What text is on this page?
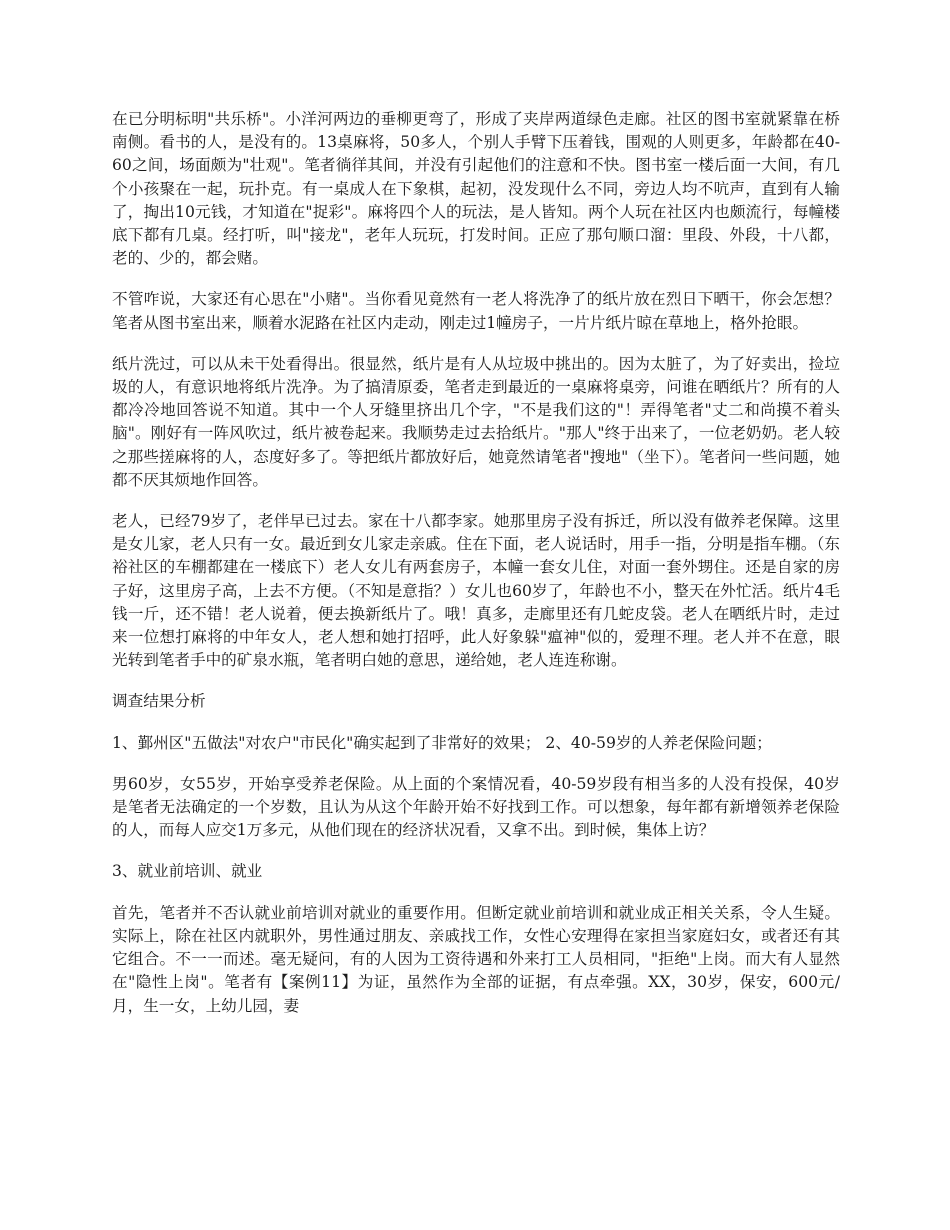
在已分明标明"共乐桥"。小洋河两边的垂柳更弯了，形成了夹岸两道绿色走廊。社区的图书室就紧靠在桥南侧。看书的人，是没有的。13桌麻将，50多人，个别人手臂下压着钱，围观的人则更多，年龄都在40-60之间，场面颇为"壮观"。笔者徜徉其间，并没有引起他们的注意和不快。图书室一楼后面一大间，有几个小孩聚在一起，玩扑克。有一桌成人在下象棋，起初，没发现什么不同，旁边人均不吭声，直到有人输了，掏出10元钱，才知道在"捉彩"。麻将四个人的玩法，是人皆知。两个人玩在社区内也颇流行，每幢楼底下都有几桌。经打听，叫"接龙"，老年人玩玩，打发时间。正应了那句顺口溜：里段、外段，十八都，老的、少的，都会赌。

不管咋说，大家还有心思在"小赌"。当你看见竟然有一老人将洗净了的纸片放在烈日下晒干，你会怎想？笔者从图书室出来，顺着水泥路在社区内走动，刚走过1幢房子，一片片纸片晾在草地上，格外抢眼。

纸片洗过，可以从未干处看得出。很显然，纸片是有人从垃圾中挑出的。因为太脏了，为了好卖出，捡垃圾的人，有意识地将纸片洗净。为了搞清原委，笔者走到最近的一桌麻将桌旁，问谁在晒纸片？所有的人都冷冷地回答说不知道。其中一个人牙缝里挤出几个字，"不是我们这的"！弄得笔者"丈二和尚摸不着头脑"。刚好有一阵风吹过，纸片被卷起来。我顺势走过去拾纸片。"那人"终于出来了，一位老奶奶。老人较之那些搓麻将的人，态度好多了。等把纸片都放好后，她竟然请笔者"搜地"（坐下）。笔者问一些问题，她都不厌其烦地作回答。

老人，已经79岁了，老伴早已过去。家在十八都李家。她那里房子没有拆迁，所以没有做养老保障。这里是女儿家，老人只有一女。最近到女儿家走亲戚。住在下面，老人说话时，用手一指，分明是指车棚。（东裕社区的车棚都建在一楼底下）老人女儿有两套房子，本幢一套女儿住，对面一套外甥住。还是自家的房子好，这里房子高，上去不方便。（不知是意指？）女儿也60岁了，年龄也不小，整天在外忙活。纸片4毛钱一斤，还不错！老人说着，便去换新纸片了。哦！真多，走廊里还有几蛇皮袋。老人在晒纸片时，走过来一位想打麻将的中年女人，老人想和她打招呼，此人好象躲"瘟神"似的，爱理不理。老人并不在意，眼光转到笔者手中的矿泉水瓶，笔者明白她的意思，递给她，老人连连称谢。

调查结果分析

1、鄞州区"五做法"对农户"市民化"确实起到了非常好的效果； 2、40-59岁的人养老保险问题；

男60岁，女55岁，开始享受养老保险。从上面的个案情况看，40-59岁段有相当多的人没有投保，40岁是笔者无法确定的一个岁数，且认为从这个年龄开始不好找到工作。可以想象，每年都有新增领养老保险的人，而每人应交1万多元，从他们现在的经济状况看，又拿不出。到时候，集体上访？

3、就业前培训、就业

首先，笔者并不否认就业前培训对就业的重要作用。但断定就业前培训和就业成正相关关系，令人生疑。实际上，除在社区内就职外，男性通过朋友、亲戚找工作，女性心安理得在家担当家庭妇女，或者还有其它组合。不一一而述。毫无疑问，有的人因为工资待遇和外来打工人员相同，"拒绝"上岗。而大有人显然在"隐性上岗"。笔者有【案例11】为证，虽然作为全部的证据，有点牵强。XX，30岁，保安，600元/月，生一女，上幼儿园，妻
